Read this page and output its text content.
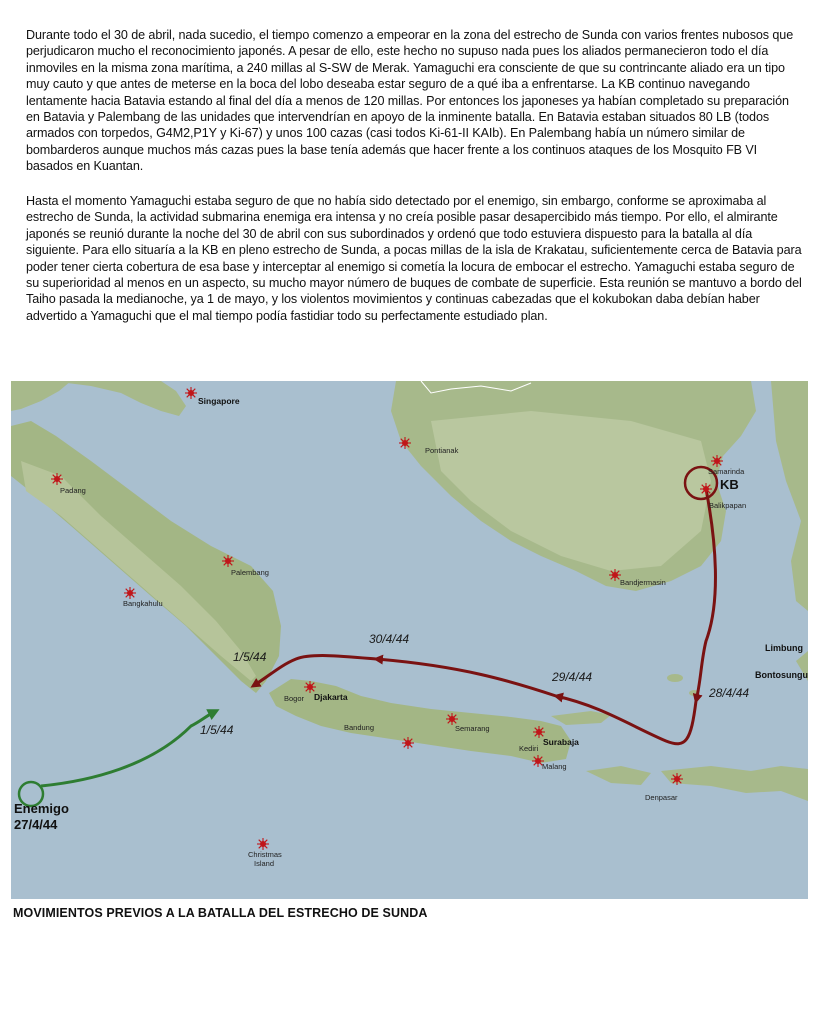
Durante todo el 30 de abril, nada sucedio, el tiempo comenzo a empeorar en la zona del estrecho de Sunda con varios frentes nubosos que perjudicaron mucho el reconocimiento japonés. A pesar de ello, este hecho no supuso nada pues los aliados permanecieron todo el día inmoviles en la misma zona marítima, a 240 millas al S-SW de Merak. Yamaguchi era consciente de que su contrincante aliado era un tipo muy cauto y que antes de meterse en la boca del lobo deseaba estar seguro de a qué iba a enfrentarse. La KB continuo navegando lentamente hacia Batavia estando al final del día a menos de 120 millas. Por entonces los japoneses ya habían completado su preparación en Batavia y Palembang de las unidades que intervendrían en apoyo de la inminente batalla. En Batavia estaban situados 80 LB (todos armados con torpedos, G4M2,P1Y y Ki-67) y unos 100 cazas (casi todos Ki-61-II KAIb). En Palembang había un número similar de bombarderos aunque muchos más cazas pues la base tenía además que hacer frente a los continuos ataques de los Mosquito FB VI basados en Kuantan.

Hasta el momento Yamaguchi estaba seguro de que no había sido detectado por el enemigo, sin embargo, conforme se aproximaba al estrecho de Sunda, la actividad submarina enemiga era intensa y no creía posible pasar desapercibido más tiempo. Por ello, el almirante japonés se reunió durante la noche del 30 de abril con sus subordinados y ordenó que todo estuviera dispuesto para la batalla al día siguiente. Para ello situaría a la KB en pleno estrecho de Sunda, a pocas millas de la isla de Krakatau, suficientemente cerca de Batavia para poder tener cierta cobertura de esa base y interceptar al enemigo si cometía la locura de embocar el estrecho. Yamaguchi estaba seguro de su superioridad al menos en un aspecto, su mucho mayor número de buques de combate de superficie. Esta reunión se mantuvo a bordo del Taiho pasada la medianoche, ya 1 de mayo, y los violentos movimientos y continuas cabezadas que el kokubokan daba debían haber advertido a Yamaguchi que el mal tiempo podía fastidiar todo su perfectamente estudiado plan.

Singapore
Pontianak
Samarinda
Balikpapan
Padang
Palembang
Bangkahulu
Bandjermasin
Bogor Djakarta
Bandung	Semarang
Kediri
Surabaja
Malang
Denpasar
Christmas
Island
Limbung
Bontosungu
KB
30/4/44
29/4/44
28/4/44
1/5/44
1/5/44
Enemigo
27/4/44
MOVIMIENTOS PREVIOS A LA BATALLA DEL ESTRECHO DE SUNDA
